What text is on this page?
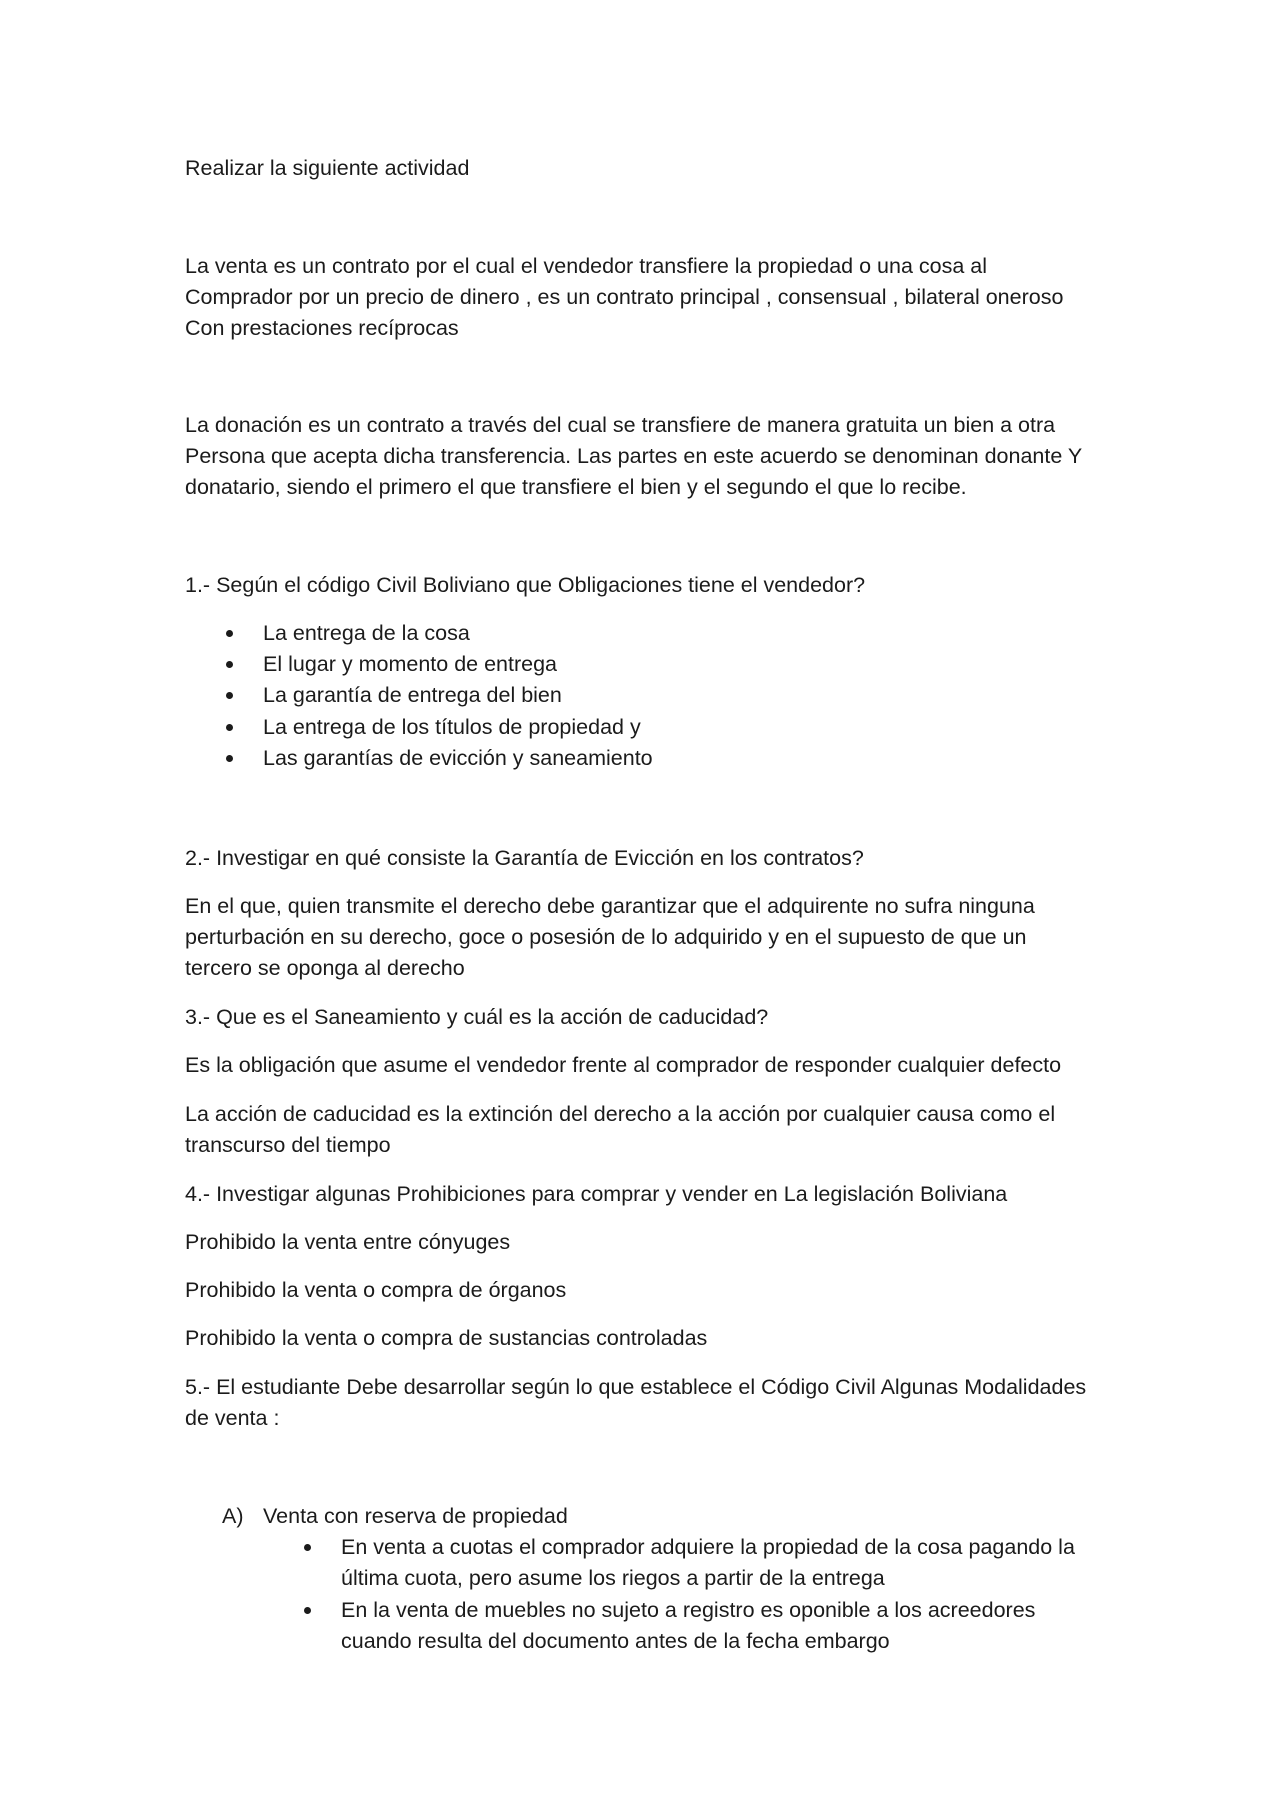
Realizar la siguiente actividad

La venta es un contrato por el cual el vendedor transfiere la propiedad o una cosa al

Comprador por un precio de dinero , es un contrato principal , consensual , bilateral oneroso

Con prestaciones recíprocas

La donación es un contrato a través del cual se transfiere de manera gratuita un bien a otra

Persona que acepta dicha transferencia. Las partes en este acuerdo se denominan donante Y

donatario, siendo el primero el que transfiere el bien y el segundo el que lo recibe.

1.- Según el código Civil Boliviano que Obligaciones tiene el vendedor?

La entrega de la cosa
El lugar y momento de entrega
La garantía de entrega del bien
La entrega de los títulos de propiedad y
Las garantías de evicción y saneamiento

2.- Investigar en qué consiste la Garantía de Evicción en los contratos?

En el que, quien transmite el derecho debe garantizar que el adquirente no sufra ninguna

perturbación en su derecho, goce o posesión de lo adquirido y en el supuesto de que un

tercero se oponga al derecho

3.- Que es el Saneamiento y cuál es la acción de caducidad?

Es la obligación que asume el vendedor frente al comprador de responder cualquier defecto

La acción de caducidad es la extinción del derecho a la acción por cualquier causa como el

transcurso del tiempo

4.- Investigar algunas Prohibiciones para comprar y vender en La legislación Boliviana

Prohibido la venta entre cónyuges

Prohibido la venta o compra de órganos

Prohibido la venta o compra de sustancias controladas

5.- El estudiante Debe desarrollar según lo que establece el Código Civil Algunas Modalidades

de venta :

A) Venta con reserva de propiedad

En venta a cuotas el comprador adquiere la propiedad de la cosa pagando la
última cuota, pero asume los riegos a partir de la entrega
En la venta de muebles no sujeto a registro es oponible a los acreedores
cuando resulta del documento antes de la fecha embargo
